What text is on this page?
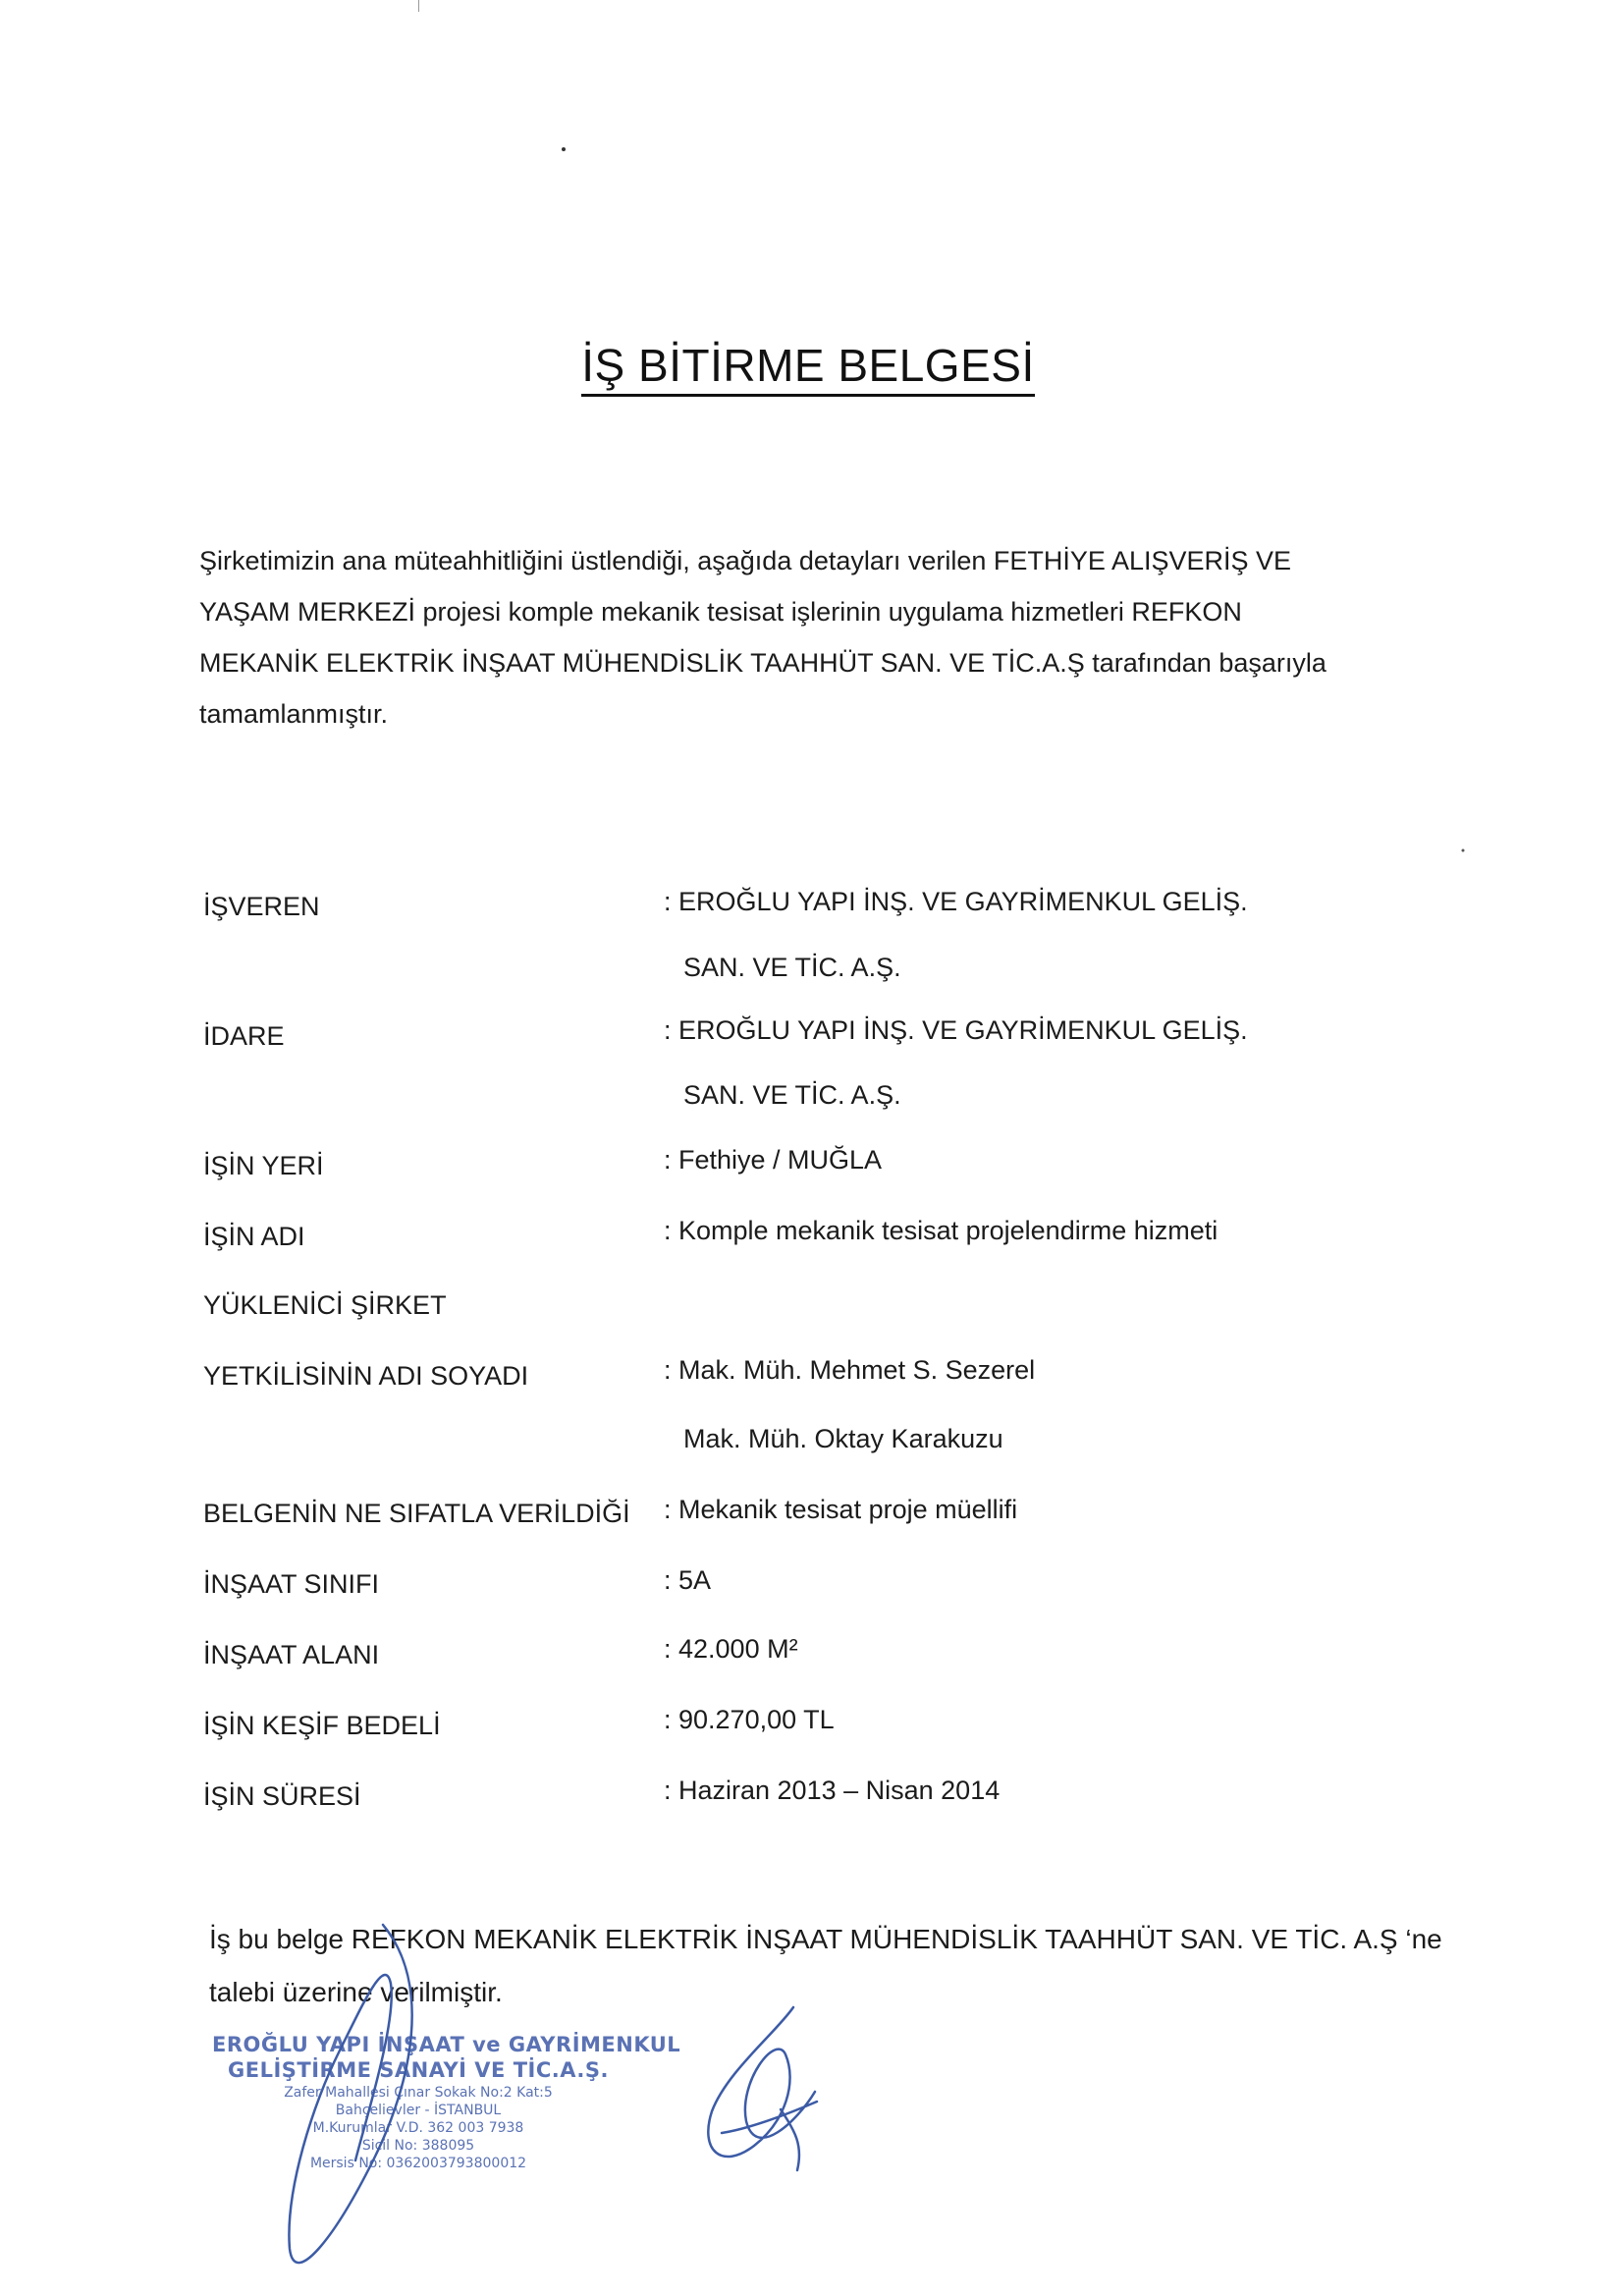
İŞ BİTİRME BELGESİ

Şirketimizin ana müteahhitliğini üstlendiği, aşağıda detayları verilen FETHİYE ALIŞVERİŞ VE YAŞAM MERKEZİ projesi komple mekanik tesisat işlerinin uygulama hizmetleri REFKON MEKANİK ELEKTRİK İNŞAAT MÜHENDİSLİK TAAHHÜT SAN. VE TİC.A.Ş tarafından başarıyla tamamlanmıştır.

İŞVEREN	: EROĞLU YAPI İNŞ. VE GAYRİMENKUL GELİŞ.
SAN. VE TİC. A.Ş.
İDARE	: EROĞLU YAPI İNŞ. VE GAYRİMENKUL GELİŞ.
SAN. VE TİC. A.Ş.
İŞİN YERİ	: Fethiye / MUĞLA
İŞİN ADI	: Komple mekanik tesisat projelendirme hizmeti
YÜKLENİCİ ŞİRKET
YETKİLİSİNİN ADI SOYADI	: Mak. Müh. Mehmet S. Sezerel
Mak. Müh. Oktay Karakuzu
BELGENİN NE SIFATLA VERİLDİĞİ : Mekanik tesisat proje müellifi
İNŞAAT SINIFI	: 5A
İNŞAAT ALANI	: 42.000 M²
İŞİN KEŞİF BEDELİ	: 90.270,00 TL
İŞİN SÜRESİ	: Haziran 2013 – Nisan 2014

İş bu belge REFKON MEKANİK ELEKTRİK İNŞAAT MÜHENDİSLİK TAAHHÜT SAN. VE TİC. A.Ş ‘ne talebi üzerine verilmiştir.

EROĞLU YAPI İNŞAAT ve GAYRİMENKUL
GELİŞTİRME SANAYİ VE TİC.A.Ş.
Zafer Mahallesi Çınar Sokak No:2 Kat:5
Bahçelievler - İSTANBUL
M.Kurumlar V.D. 362 003 7938
Sicil No: 388095
Mersis No: 0362003793800012
